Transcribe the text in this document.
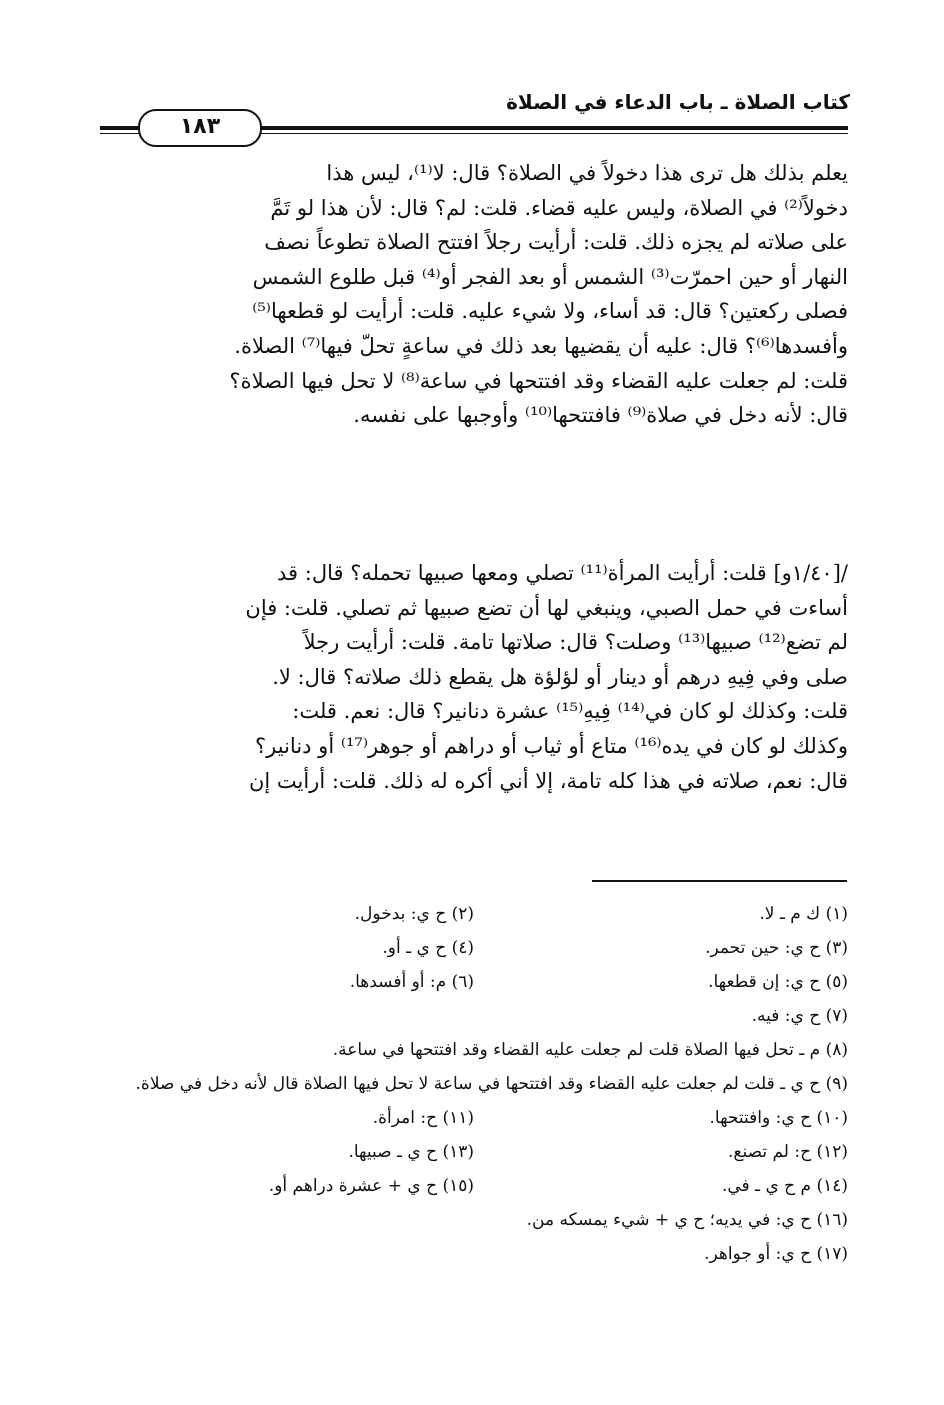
كتاب الصلاة ـ باب الدعاء في الصلاة
١٨٣
يعلم بذلك هل ترى هذا دخولاً في الصلاة؟ قال: لا⁽¹⁾، ليس هذا
دخولاً⁽²⁾ في الصلاة، وليس عليه قضاء. قلت: لم؟ قال: لأن هذا لو تَمَّ
على صلاته لم يجزه ذلك. قلت: أرأيت رجلاً افتتح الصلاة تطوعاً نصف
النهار أو حين احمرّت⁽³⁾ الشمس أو بعد الفجر أو⁽⁴⁾ قبل طلوع الشمس
فصلى ركعتين؟ قال: قد أساء، ولا شيء عليه. قلت: أرأيت لو قطعها⁽⁵⁾
وأفسدها⁽⁶⁾؟ قال: عليه أن يقضيها بعد ذلك في ساعةٍ تحلّ فيها⁽⁷⁾ الصلاة.
قلت: لم جعلت عليه القضاء وقد افتتحها في ساعة⁽⁸⁾ لا تحل فيها الصلاة؟
قال: لأنه دخل في صلاة⁽⁹⁾ فافتتحها⁽¹⁰⁾ وأوجبها على نفسه.
/[١/٤٠و] قلت: أرأيت المرأة⁽¹¹⁾ تصلي ومعها صبيها تحمله؟ قال: قد
أساءت في حمل الصبي، وينبغي لها أن تضع صبيها ثم تصلي. قلت: فإن
لم تضع⁽¹²⁾ صبيها⁽¹³⁾ وصلت؟ قال: صلاتها تامة. قلت: أرأيت رجلاً
صلى وفي فِيهِ درهم أو دينار أو لؤلؤة هل يقطع ذلك صلاته؟ قال: لا.
قلت: وكذلك لو كان في⁽¹⁴⁾ فِيهِ⁽¹⁵⁾ عشرة دنانير؟ قال: نعم. قلت:
وكذلك لو كان في يده⁽¹⁶⁾ متاع أو ثياب أو دراهم أو جوهر⁽¹⁷⁾ أو دنانير؟
قال: نعم، صلاته في هذا كله تامة، إلا أني أكره له ذلك. قلت: أرأيت إن
(١) ك م ـ لا.
(٢) ح ي: بدخول.
(٣) ح ي: حين تحمر.
(٤) ح ي ـ أو.
(٥) ح ي: إن قطعها.
(٦) م: أو أفسدها.
(٧) ح ي: فيه.
(٨) م ـ تحل فيها الصلاة قلت لم جعلت عليه القضاء وقد افتتحها في ساعة.
(٩) ح ي ـ قلت لم جعلت عليه القضاء وقد افتتحها في ساعة لا تحل فيها الصلاة قال لأنه دخل في صلاة.
(١٠) ح ي: وافتتحها.
(١١) ح: امرأة.
(١٢) ح: لم تصنع.
(١٣) ح ي ـ صبيها.
(١٤) م ح ي ـ في.
(١٥) ح ي + عشرة دراهم أو.
(١٦) ح ي: في يديه؛ ح ي + شيء يمسكه من.
(١٧) ح ي: أو جواهر.
